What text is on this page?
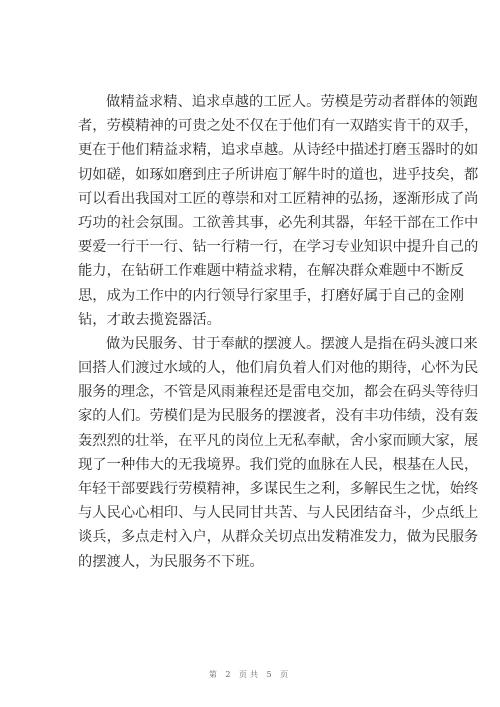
做精益求精、追求卓越的工匠人。劳模是劳动者群体的领跑
者，劳模精神的可贵之处不仅在于他们有一双踏实肯干的双手，
更在于他们精益求精，追求卓越。从诗经中描述打磨玉器时的如
切如磋，如琢如磨到庄子所讲庖丁解牛时的道也，进乎技矣，都
可以看出我国对工匠的尊崇和对工匠精神的弘扬，逐渐形成了尚
巧功的社会氛围。工欲善其事，必先利其器，年轻干部在工作中
要爱一行干一行、钻一行精一行，在学习专业知识中提升自己的
能力，在钻研工作难题中精益求精，在解决群众难题中不断反
思，成为工作中的内行领导行家里手，打磨好属于自己的金刚
钻，才敢去揽瓷器活。
做为民服务、甘于奉献的摆渡人。摆渡人是指在码头渡口来
回搭人们渡过水域的人，他们肩负着人们对他的期待，心怀为民
服务的理念，不管是风雨兼程还是雷电交加，都会在码头等待归
家的人们。劳模们是为民服务的摆渡者，没有丰功伟绩，没有轰
轰烈烈的壮举，在平凡的岗位上无私奉献，舍小家而顾大家，展
现了一种伟大的无我境界。我们党的血脉在人民，根基在人民，
年轻干部要践行劳模精神，多谋民生之利，多解民生之忧，始终
与人民心心相印、与人民同甘共苦、与人民团结奋斗，少点纸上
谈兵，多点走村入户，从群众关切点出发精准发力，做为民服务
的摆渡人，为民服务不下班。
第 2 页共 5 页
